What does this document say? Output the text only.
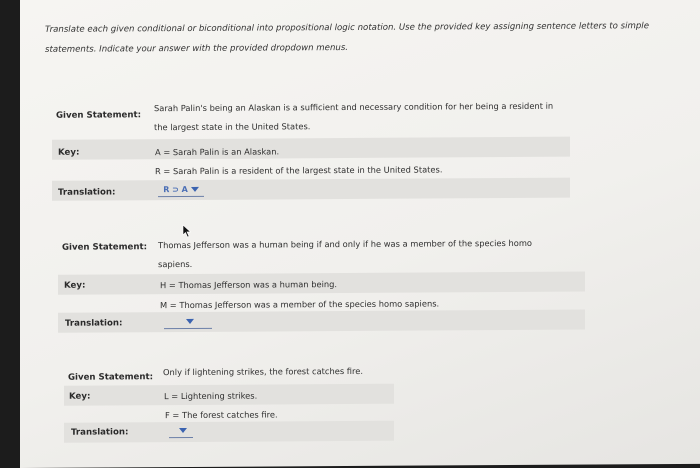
Translate each given conditional or biconditional into propositional logic notation. Use the provided key assigning sentence letters to simple statements. Indicate your answer with the provided dropdown menus.
Given Statement:
Sarah Palin's being an Alaskan is a sufficient and necessary condition for her being a resident in the largest state in the United States.
Key:	A = Sarah Palin is an Alaskan.
R = Sarah Palin is a resident of the largest state in the United States.
Translation:	R ⊃ A
Given Statement: Thomas Jefferson was a human being if and only if he was a member of the species homo sapiens.
Key:	H = Thomas Jefferson was a human being.
M = Thomas Jefferson was a member of the species homo sapiens.
Translation:
Given Statement:
Only if lightening strikes, the forest catches fire.
Key:	L = Lightening strikes.
F = The forest catches fire.
Translation:
